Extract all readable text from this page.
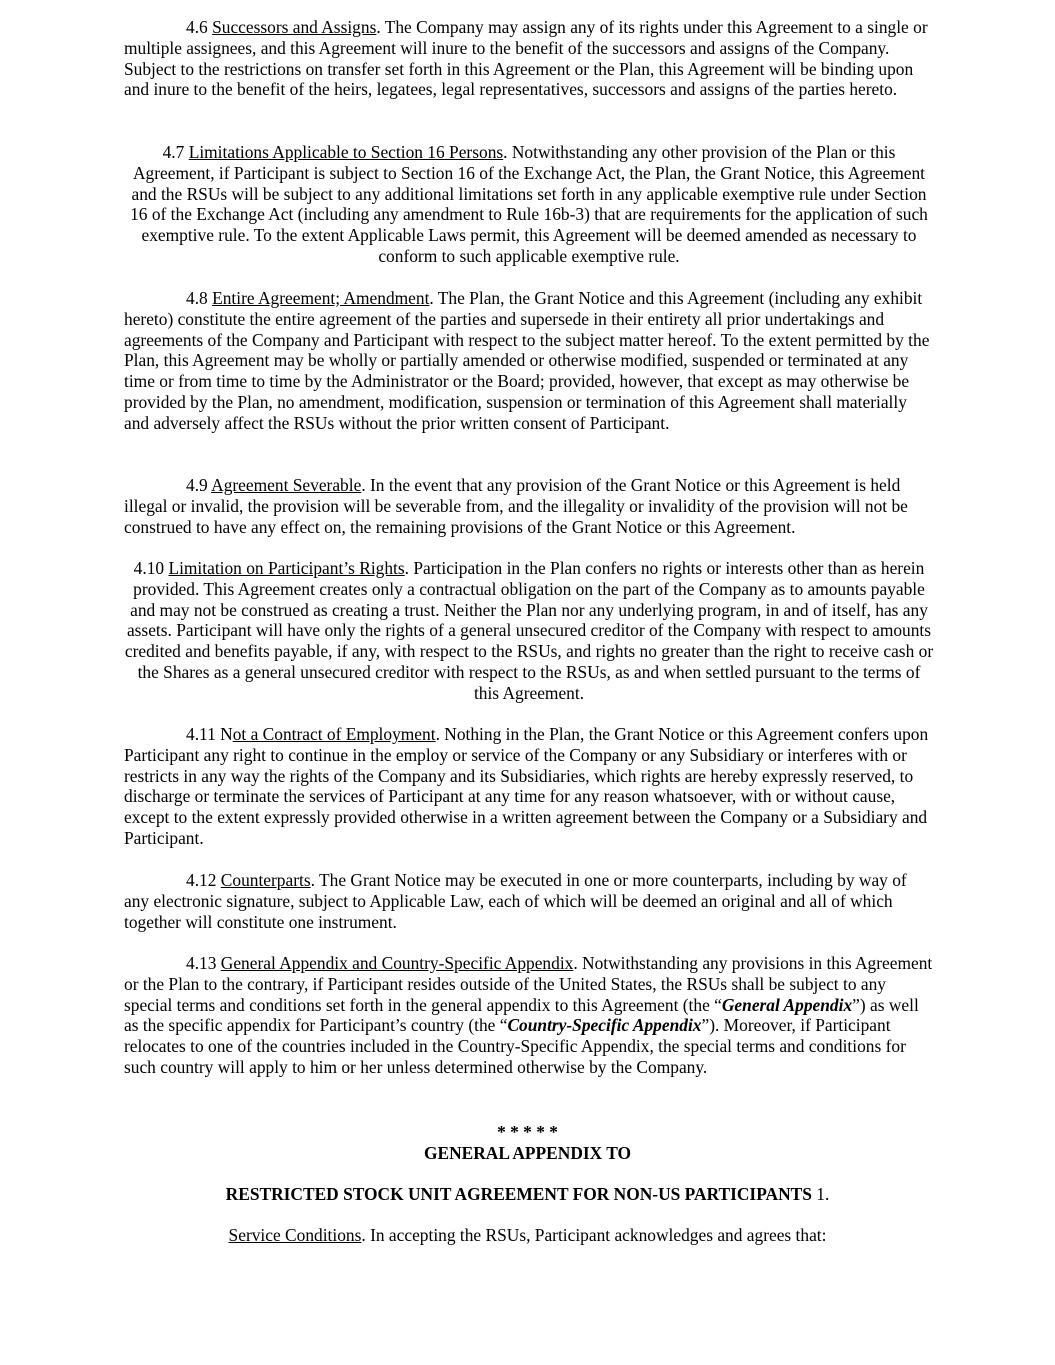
4.6 Successors and Assigns. The Company may assign any of its rights under this Agreement to a single or multiple assignees, and this Agreement will inure to the benefit of the successors and assigns of the Company. Subject to the restrictions on transfer set forth in this Agreement or the Plan, this Agreement will be binding upon and inure to the benefit of the heirs, legatees, legal representatives, successors and assigns of the parties hereto.

4.7 Limitations Applicable to Section 16 Persons. Notwithstanding any other provision of the Plan or this Agreement, if Participant is subject to Section 16 of the Exchange Act, the Plan, the Grant Notice, this Agreement and the RSUs will be subject to any additional limitations set forth in any applicable exemptive rule under Section 16 of the Exchange Act (including any amendment to Rule 16b-3) that are requirements for the application of such exemptive rule. To the extent Applicable Laws permit, this Agreement will be deemed amended as necessary to conform to such applicable exemptive rule.

4.8 Entire Agreement; Amendment. The Plan, the Grant Notice and this Agreement (including any exhibit hereto) constitute the entire agreement of the parties and supersede in their entirety all prior undertakings and agreements of the Company and Participant with respect to the subject matter hereof. To the extent permitted by the Plan, this Agreement may be wholly or partially amended or otherwise modified, suspended or terminated at any time or from time to time by the Administrator or the Board; provided, however, that except as may otherwise be provided by the Plan, no amendment, modification, suspension or termination of this Agreement shall materially and adversely affect the RSUs without the prior written consent of Participant.

4.9 Agreement Severable. In the event that any provision of the Grant Notice or this Agreement is held illegal or invalid, the provision will be severable from, and the illegality or invalidity of the provision will not be construed to have any effect on, the remaining provisions of the Grant Notice or this Agreement.

4.10 Limitation on Participant’s Rights. Participation in the Plan confers no rights or interests other than as herein provided. This Agreement creates only a contractual obligation on the part of the Company as to amounts payable and may not be construed as creating a trust. Neither the Plan nor any underlying program, in and of itself, has any assets. Participant will have only the rights of a general unsecured creditor of the Company with respect to amounts credited and benefits payable, if any, with respect to the RSUs, and rights no greater than the right to receive cash or the Shares as a general unsecured creditor with respect to the RSUs, as and when settled pursuant to the terms of this Agreement.

4.11 Not a Contract of Employment. Nothing in the Plan, the Grant Notice or this Agreement confers upon Participant any right to continue in the employ or service of the Company or any Subsidiary or interferes with or restricts in any way the rights of the Company and its Subsidiaries, which rights are hereby expressly reserved, to discharge or terminate the services of Participant at any time for any reason whatsoever, with or without cause, except to the extent expressly provided otherwise in a written agreement between the Company or a Subsidiary and Participant.

4.12 Counterparts. The Grant Notice may be executed in one or more counterparts, including by way of any electronic signature, subject to Applicable Law, each of which will be deemed an original and all of which together will constitute one instrument.

4.13 General Appendix and Country-Specific Appendix. Notwithstanding any provisions in this Agreement or the Plan to the contrary, if Participant resides outside of the United States, the RSUs shall be subject to any special terms and conditions set forth in the general appendix to this Agreement (the “General Appendix”) as well as the specific appendix for Participant’s country (the “Country-Specific Appendix”). Moreover, if Participant relocates to one of the countries included in the Country-Specific Appendix, the special terms and conditions for such country will apply to him or her unless determined otherwise by the Company.

* * * * *

GENERAL APPENDIX TO

RESTRICTED STOCK UNIT AGREEMENT FOR NON-US PARTICIPANTS 1.

Service Conditions. In accepting the RSUs, Participant acknowledges and agrees that:
